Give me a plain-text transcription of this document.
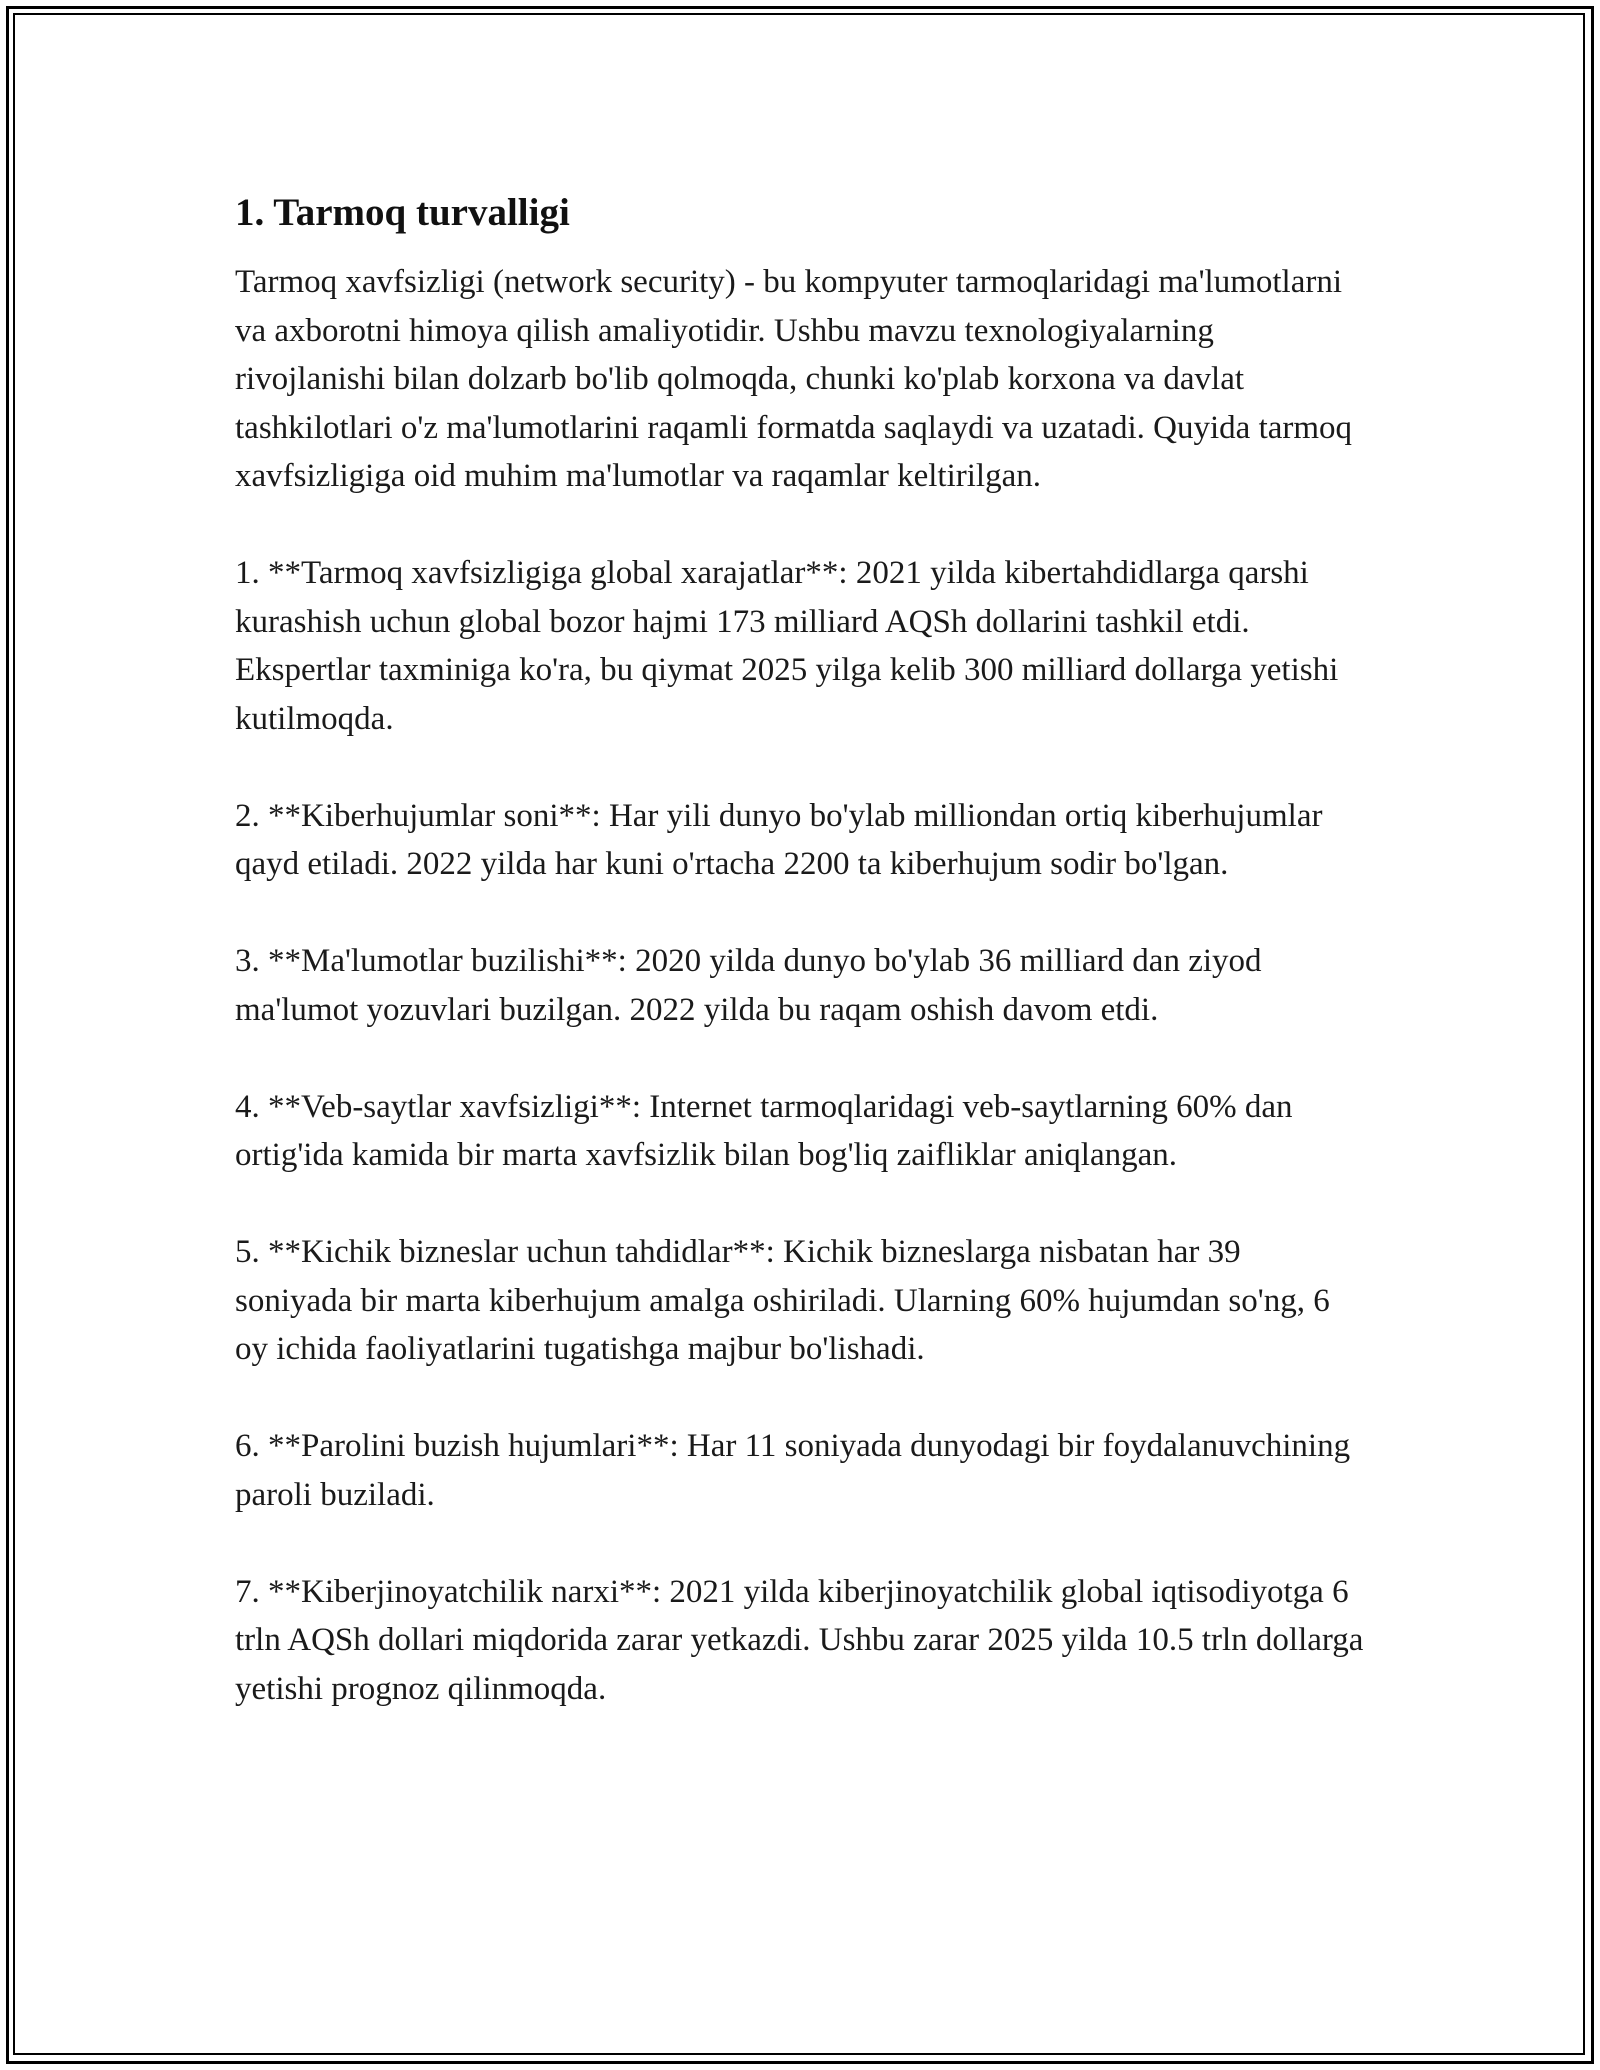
1. Tarmoq turvalligi

Tarmoq xavfsizligi (network security) - bu kompyuter tarmoqlaridagi ma'lumotlarni va axborotni himoya qilish amaliyotidir. Ushbu mavzu texnologiyalarning rivojlanishi bilan dolzarb bo'lib qolmoqda, chunki ko'plab korxona va davlat tashkilotlari o'z ma'lumotlarini raqamli formatda saqlaydi va uzatadi. Quyida tarmoq xavfsizligiga oid muhim ma'lumotlar va raqamlar keltirilgan.

1. **Tarmoq xavfsizligiga global xarajatlar**: 2021 yilda kibertahdidlarga qarshi kurashish uchun global bozor hajmi 173 milliard AQSh dollarini tashkil etdi. Ekspertlar taxminiga ko'ra, bu qiymat 2025 yilga kelib 300 milliard dollarga yetishi kutilmoqda.

2. **Kiberhujumlar soni**: Har yili dunyo bo'ylab milliondan ortiq kiberhujumlar qayd etiladi. 2022 yilda har kuni o'rtacha 2200 ta kiberhujum sodir bo'lgan.

3. **Ma'lumotlar buzilishi**: 2020 yilda dunyo bo'ylab 36 milliard dan ziyod ma'lumot yozuvlari buzilgan. 2022 yilda bu raqam oshish davom etdi.

4. **Veb-saytlar xavfsizligi**: Internet tarmoqlaridagi veb-saytlarning 60% dan ortig'ida kamida bir marta xavfsizlik bilan bog'liq zaifliklar aniqlangan.

5. **Kichik bizneslar uchun tahdidlar**: Kichik bizneslarga nisbatan har 39 soniyada bir marta kiberhujum amalga oshiriladi. Ularning 60% hujumdan so'ng, 6 oy ichida faoliyatlarini tugatishga majbur bo'lishadi.

6. **Parolini buzish hujumlari**: Har 11 soniyada dunyodagi bir foydalanuvchining paroli buziladi.

7. **Kiberjinoyatchilik narxi**: 2021 yilda kiberjinoyatchilik global iqtisodiyotga 6 trln AQSh dollari miqdorida zarar yetkazdi. Ushbu zarar 2025 yilda 10.5 trln dollarga yetishi prognoz qilinmoqda.
